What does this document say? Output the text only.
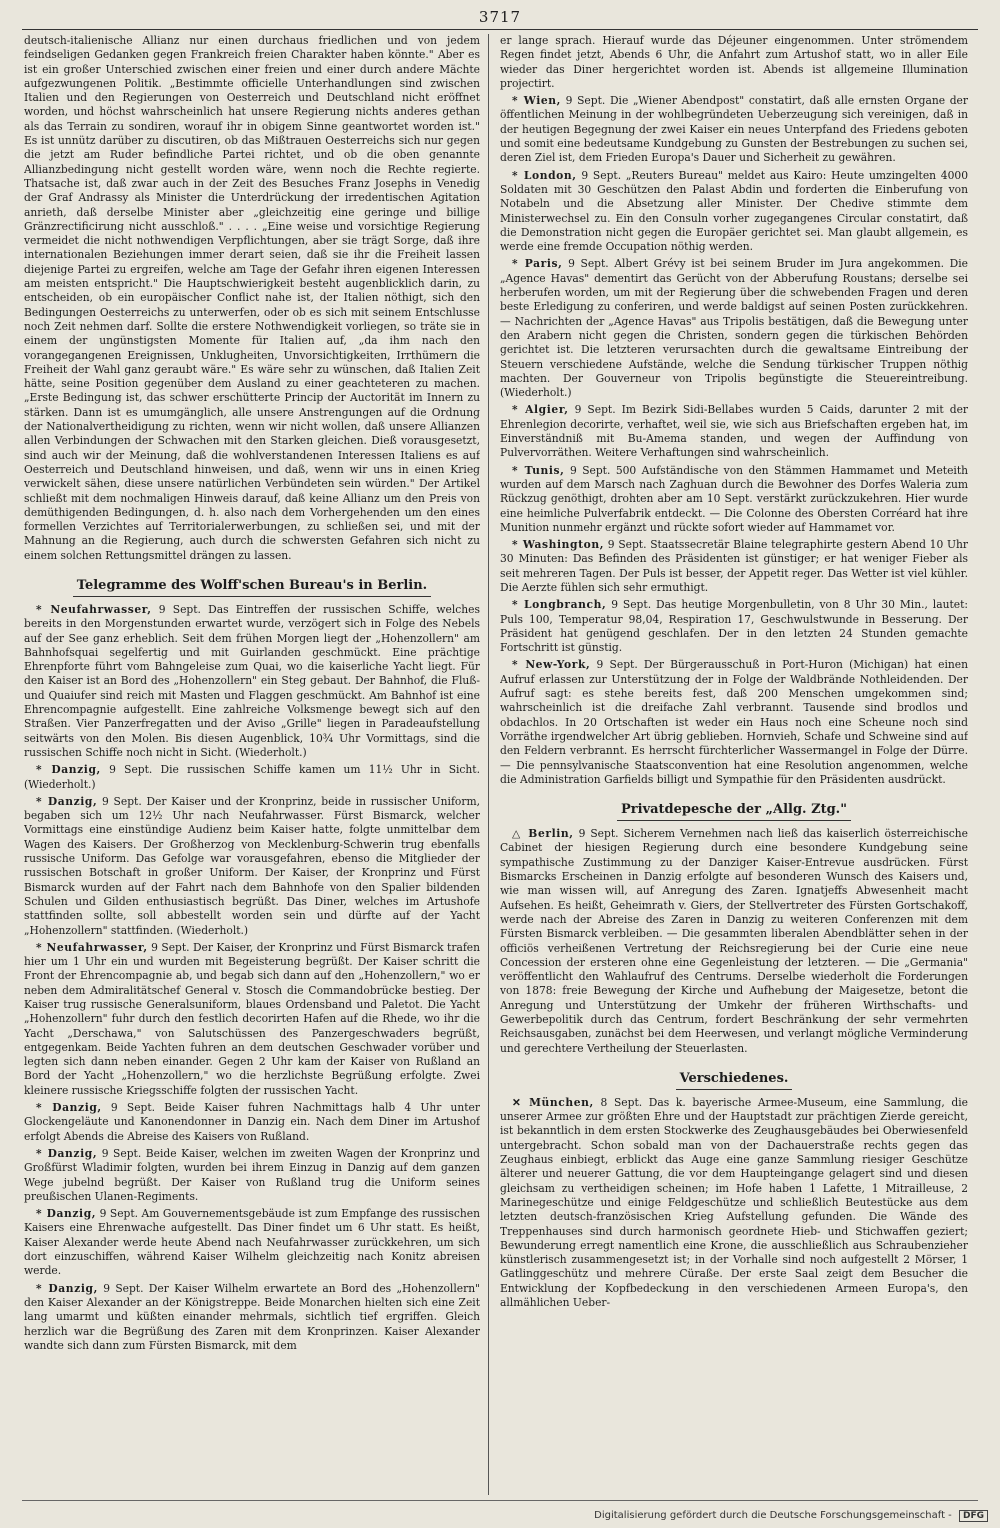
3717

deutsch-italienische Allianz nur einen durchaus friedlichen und von jedem feindseligen Gedanken gegen Frankreich freien Charakter haben könnte." Aber es ist ein großer Unterschied zwischen einer freien und einer durch andere Mächte aufgezwungenen Politik. „Bestimmte officielle Unterhandlungen sind zwischen Italien und den Regierungen von Oesterreich und Deutschland nicht eröffnet worden, und höchst wahrscheinlich hat unsere Regierung nichts anderes gethan als das Terrain zu sondiren, worauf ihr in obigem Sinne geantwortet worden ist." Es ist unnütz darüber zu discutiren, ob das Mißtrauen Oesterreichs sich nur gegen die jetzt am Ruder befindliche Partei richtet, und ob die oben genannte Allianzbedingung nicht gestellt worden wäre, wenn noch die Rechte regierte. Thatsache ist, daß zwar auch in der Zeit des Besuches Franz Josephs in Venedig der Graf Andrassy als Minister die Unterdrückung der irredentischen Agitation anrieth, daß derselbe Minister aber „gleichzeitig eine geringe und billige Gränzrectificirung nicht ausschloß." . . . . „Eine weise und vorsichtige Regierung vermeidet die nicht nothwendigen Verpflichtungen, aber sie trägt Sorge, daß ihre internationalen Beziehungen immer derart seien, daß sie ihr die Freiheit lassen diejenige Partei zu ergreifen, welche am Tage der Gefahr ihren eigenen Interessen am meisten entspricht." Die Hauptschwierigkeit besteht augenblicklich darin, zu entscheiden, ob ein europäischer Conflict nahe ist, der Italien nöthigt, sich den Bedingungen Oesterreichs zu unterwerfen, oder ob es sich mit seinem Entschlusse noch Zeit nehmen darf. Sollte die erstere Nothwendigkeit vorliegen, so träte sie in einem der ungünstigsten Momente für Italien auf, „da ihm nach den vorangegangenen Ereignissen, Unklugheiten, Unvorsichtigkeiten, Irrthümern die Freiheit der Wahl ganz geraubt wäre." Es wäre sehr zu wünschen, daß Italien Zeit hätte, seine Position gegenüber dem Ausland zu einer geachteteren zu machen. „Erste Bedingung ist, das schwer erschütterte Princip der Auctorität im Innern zu stärken. Dann ist es umumgänglich, alle unsere Anstrengungen auf die Ordnung der Nationalvertheidigung zu richten, wenn wir nicht wollen, daß unsere Allianzen allen Verbindungen der Schwachen mit den Starken gleichen. Dieß vorausgesetzt, sind auch wir der Meinung, daß die wohlverstandenen Interessen Italiens es auf Oesterreich und Deutschland hinweisen, und daß, wenn wir uns in einen Krieg verwickelt sähen, diese unsere natürlichen Verbündeten sein würden." Der Artikel schließt mit dem nochmaligen Hinweis darauf, daß keine Allianz um den Preis von demüthigenden Bedingungen, d. h. also nach dem Vorhergehenden um den eines formellen Verzichtes auf Territorialerwerbungen, zu schließen sei, und mit der Mahnung an die Regierung, auch durch die schwersten Gefahren sich nicht zu einem solchen Rettungsmittel drängen zu lassen.

Telegramme des Wolff'schen Bureau's in Berlin.

* Neufahrwasser, 9 Sept. Das Eintreffen der russischen Schiffe, welches bereits in den Morgenstunden erwartet wurde, verzögert sich in Folge des Nebels auf der See ganz erheblich. Seit dem frühen Morgen liegt der „Hohenzollern" am Bahnhofsquai segelfertig und mit Guirlanden geschmückt. Eine prächtige Ehrenpforte führt vom Bahngeleise zum Quai, wo die kaiserliche Yacht liegt. Für den Kaiser ist an Bord des „Hohenzollern" ein Steg gebaut. Der Bahnhof, die Fluß- und Quaiufer sind reich mit Masten und Flaggen geschmückt. Am Bahnhof ist eine Ehrencompagnie aufgestellt. Eine zahlreiche Volksmenge bewegt sich auf den Straßen. Vier Panzerfregatten und der Aviso „Grille" liegen in Paradeaufstellung seitwärts von den Molen. Bis diesen Augenblick, 10¾ Uhr Vormittags, sind die russischen Schiffe noch nicht in Sicht. (Wiederholt.)

* Danzig, 9 Sept. Die russischen Schiffe kamen um 11½ Uhr in Sicht. (Wiederholt.)

* Danzig, 9 Sept. Der Kaiser und der Kronprinz, beide in russischer Uniform, begaben sich um 12½ Uhr nach Neufahrwasser. Fürst Bismarck, welcher Vormittags eine einstündige Audienz beim Kaiser hatte, folgte unmittelbar dem Wagen des Kaisers. Der Großherzog von Mecklenburg-Schwerin trug ebenfalls russische Uniform. Das Gefolge war vorausgefahren, ebenso die Mitglieder der russischen Botschaft in großer Uniform. Der Kaiser, der Kronprinz und Fürst Bismarck wurden auf der Fahrt nach dem Bahnhofe von den Spalier bildenden Schulen und Gilden enthusiastisch begrüßt. Das Diner, welches im Artushofe stattfinden sollte, soll abbestellt worden sein und dürfte auf der Yacht „Hohenzollern" stattfinden. (Wiederholt.)

* Neufahrwasser, 9 Sept. Der Kaiser, der Kronprinz und Fürst Bismarck trafen hier um 1 Uhr ein und wurden mit Begeisterung begrüßt. Der Kaiser schritt die Front der Ehrencompagnie ab, und begab sich dann auf den „Hohenzollern," wo er neben dem Admiralitätschef General v. Stosch die Commandobrücke bestieg. Der Kaiser trug russische Generalsuniform, blaues Ordensband und Paletot. Die Yacht „Hohenzollern" fuhr durch den festlich decorirten Hafen auf die Rhede, wo ihr die Yacht „Derschawa," von Salutschüssen des Panzergeschwaders begrüßt, entgegenkam. Beide Yachten fuhren an dem deutschen Geschwader vorüber und legten sich dann neben einander. Gegen 2 Uhr kam der Kaiser von Rußland an Bord der Yacht „Hohenzollern," wo die herzlichste Begrüßung erfolgte. Zwei kleinere russische Kriegsschiffe folgten der russischen Yacht.

* Danzig, 9 Sept. Beide Kaiser fuhren Nachmittags halb 4 Uhr unter Glockengeläute und Kanonendonner in Danzig ein. Nach dem Diner im Artushof erfolgt Abends die Abreise des Kaisers von Rußland.

* Danzig, 9 Sept. Beide Kaiser, welchen im zweiten Wagen der Kronprinz und Großfürst Wladimir folgten, wurden bei ihrem Einzug in Danzig auf dem ganzen Wege jubelnd begrüßt. Der Kaiser von Rußland trug die Uniform seines preußischen Ulanen-Regiments.

* Danzig, 9 Sept. Am Gouvernementsgebäude ist zum Empfange des russischen Kaisers eine Ehrenwache aufgestellt. Das Diner findet um 6 Uhr statt. Es heißt, Kaiser Alexander werde heute Abend nach Neufahrwasser zurückkehren, um sich dort einzuschiffen, während Kaiser Wilhelm gleichzeitig nach Konitz abreisen werde.

* Danzig, 9 Sept. Der Kaiser Wilhelm erwartete an Bord des „Hohenzollern" den Kaiser Alexander an der Königstreppe. Beide Monarchen hielten sich eine Zeit lang umarmt und küßten einander mehrmals, sichtlich tief ergriffen. Gleich herzlich war die Begrüßung des Zaren mit dem Kronprinzen. Kaiser Alexander wandte sich dann zum Fürsten Bismarck, mit dem

er lange sprach. Hierauf wurde das Déjeuner eingenommen. Unter strömendem Regen findet jetzt, Abends 6 Uhr, die Anfahrt zum Artushof statt, wo in aller Eile wieder das Diner hergerichtet worden ist. Abends ist allgemeine Illumination projectirt.

* Wien, 9 Sept. Die „Wiener Abendpost" constatirt, daß alle ernsten Organe der öffentlichen Meinung in der wohlbegründeten Ueberzeugung sich vereinigen, daß in der heutigen Begegnung der zwei Kaiser ein neues Unterpfand des Friedens geboten und somit eine bedeutsame Kundgebung zu Gunsten der Bestrebungen zu suchen sei, deren Ziel ist, dem Frieden Europa's Dauer und Sicherheit zu gewähren.

* London, 9 Sept. „Reuters Bureau" meldet aus Kairo: Heute umzingelten 4000 Soldaten mit 30 Geschützen den Palast Abdin und forderten die Einberufung von Notabeln und die Absetzung aller Minister. Der Chedive stimmte dem Ministerwechsel zu. Ein den Consuln vorher zugegangenes Circular constatirt, daß die Demonstration nicht gegen die Europäer gerichtet sei. Man glaubt allgemein, es werde eine fremde Occupation nöthig werden.

* Paris, 9 Sept. Albert Grévy ist bei seinem Bruder im Jura angekommen. Die „Agence Havas" dementirt das Gerücht von der Abberufung Roustans; derselbe sei herberufen worden, um mit der Regierung über die schwebenden Fragen und deren beste Erledigung zu conferiren, und werde baldigst auf seinen Posten zurückkehren. — Nachrichten der „Agence Havas" aus Tripolis bestätigen, daß die Bewegung unter den Arabern nicht gegen die Christen, sondern gegen die türkischen Behörden gerichtet ist. Die letzteren verursachten durch die gewaltsame Eintreibung der Steuern verschiedene Aufstände, welche die Sendung türkischer Truppen nöthig machten. Der Gouverneur von Tripolis begünstigte die Steuereintreibung. (Wiederholt.)

* Algier, 9 Sept. Im Bezirk Sidi-Bellabes wurden 5 Caids, darunter 2 mit der Ehrenlegion decorirte, verhaftet, weil sie, wie sich aus Briefschaften ergeben hat, im Einverständniß mit Bu-Amema standen, und wegen der Auffindung von Pulvervorräthen. Weitere Verhaftungen sind wahrscheinlich.

* Tunis, 9 Sept. 500 Aufständische von den Stämmen Hammamet und Meteith wurden auf dem Marsch nach Zaghuan durch die Bewohner des Dorfes Waleria zum Rückzug genöthigt, drohten aber am 10 Sept. verstärkt zurückzukehren. Hier wurde eine heimliche Pulverfabrik entdeckt. — Die Colonne des Obersten Corréard hat ihre Munition nunmehr ergänzt und rückte sofort wieder auf Hammamet vor.

* Washington, 9 Sept. Staatssecretär Blaine telegraphirte gestern Abend 10 Uhr 30 Minuten: Das Befinden des Präsidenten ist günstiger; er hat weniger Fieber als seit mehreren Tagen. Der Puls ist besser, der Appetit reger. Das Wetter ist viel kühler. Die Aerzte fühlen sich sehr ermuthigt.

* Longbranch, 9 Sept. Das heutige Morgenbulletin, von 8 Uhr 30 Min., lautet: Puls 100, Temperatur 98,04, Respiration 17, Geschwulstwunde in Besserung. Der Präsident hat genügend geschlafen. Der in den letzten 24 Stunden gemachte Fortschritt ist günstig.

* New-York, 9 Sept. Der Bürgerausschuß in Port-Huron (Michigan) hat einen Aufruf erlassen zur Unterstützung der in Folge der Waldbrände Nothleidenden. Der Aufruf sagt: es stehe bereits fest, daß 200 Menschen umgekommen sind; wahrscheinlich ist die dreifache Zahl verbrannt. Tausende sind brodlos und obdachlos. In 20 Ortschaften ist weder ein Haus noch eine Scheune noch sind Vorräthe irgendwelcher Art übrig geblieben. Hornvieh, Schafe und Schweine sind auf den Feldern verbrannt. Es herrscht fürchterlicher Wassermangel in Folge der Dürre. — Die pennsylvanische Staatsconvention hat eine Resolution angenommen, welche die Administration Garfields billigt und Sympathie für den Präsidenten ausdrückt.

Privatdepesche der „Allg. Ztg."

△ Berlin, 9 Sept. Sicherem Vernehmen nach ließ das kaiserlich österreichische Cabinet der hiesigen Regierung durch eine besondere Kundgebung seine sympathische Zustimmung zu der Danziger Kaiser-Entrevue ausdrücken. Fürst Bismarcks Erscheinen in Danzig erfolgte auf besonderen Wunsch des Kaisers und, wie man wissen will, auf Anregung des Zaren. Ignatjeffs Abwesenheit macht Aufsehen. Es heißt, Geheimrath v. Giers, der Stellvertreter des Fürsten Gortschakoff, werde nach der Abreise des Zaren in Danzig zu weiteren Conferenzen mit dem Fürsten Bismarck verbleiben. — Die gesammten liberalen Abendblätter sehen in der officiös verheißenen Vertretung der Reichsregierung bei der Curie eine neue Concession der ersteren ohne eine Gegenleistung der letzteren. — Die „Germania" veröffentlicht den Wahlaufruf des Centrums. Derselbe wiederholt die Forderungen von 1878: freie Bewegung der Kirche und Aufhebung der Maigesetze, betont die Anregung und Unterstützung der Umkehr der früheren Wirthschafts- und Gewerbepolitik durch das Centrum, fordert Beschränkung der sehr vermehrten Reichsausgaben, zunächst bei dem Heerwesen, und verlangt mögliche Verminderung und gerechtere Vertheilung der Steuerlasten.

Verschiedenes.

✕ München, 8 Sept. Das k. bayerische Armee-Museum, eine Sammlung, die unserer Armee zur größten Ehre und der Hauptstadt zur prächtigen Zierde gereicht, ist bekanntlich in dem ersten Stockwerke des Zeughausgebäudes bei Oberwiesenfeld untergebracht. Schon sobald man von der Dachauerstraße rechts gegen das Zeughaus einbiegt, erblickt das Auge eine ganze Sammlung riesiger Geschütze älterer und neuerer Gattung, die vor dem Haupteingange gelagert sind und diesen gleichsam zu vertheidigen scheinen; im Hofe haben 1 Lafette, 1 Mitrailleuse, 2 Marinegeschütze und einige Feldgeschütze und schließlich Beutestücke aus dem letzten deutsch-französischen Krieg Aufstellung gefunden. Die Wände des Treppenhauses sind durch harmonisch geordnete Hieb- und Stichwaffen geziert; Bewunderung erregt namentlich eine Krone, die ausschließlich aus Schraubenzieher künstlerisch zusammengesetzt ist; in der Vorhalle sind noch aufgestellt 2 Mörser, 1 Gatlinggeschütz und mehrere Cüraße. Der erste Saal zeigt dem Besucher die Entwicklung der Kopfbedeckung in den verschiedenen Armeen Europa's, den allmählichen Ueber-

Digitalisierung gefördert durch die Deutsche Forschungsgemeinschaft - DFG
